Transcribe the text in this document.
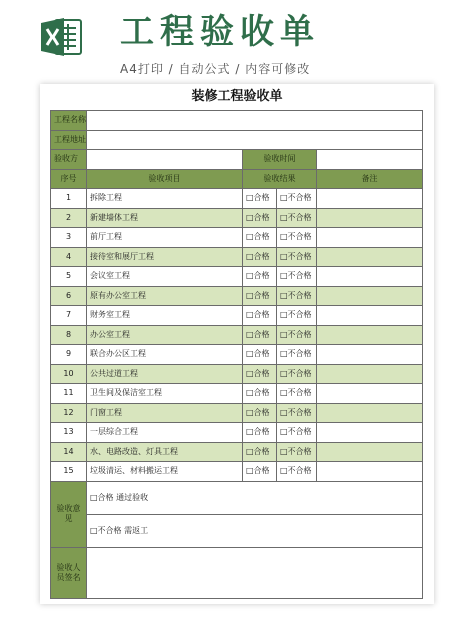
工程验收单
A4打印 / 自动公式 / 内容可修改
装修工程验收单
工程名称				
工程地址				
验收方		验收时间		
序号	验收项目	验收结果		备注
1	拆除工程	□合格	□不合格	
2	新建墙体工程	□合格	□不合格	
3	前厅工程	□合格	□不合格	
4	接待室和展厅工程	□合格	□不合格	
5	会议室工程	□合格	□不合格	
6	原有办公室工程	□合格	□不合格	
7	财务室工程	□合格	□不合格	
8	办公室工程	□合格	□不合格	
9	联合办公区工程	□合格	□不合格	
10	公共过道工程	□合格	□不合格	
11	卫生间及保洁室工程	□合格	□不合格	
12	门窗工程	□合格	□不合格	
13	一层综合工程	□合格	□不合格	
14	水、电路改造、灯具工程	□合格	□不合格	
15	垃圾清运、材料搬运工程	□合格	□不合格	
验收意见	□合格 通过验收			
	□不合格 需返工			
验收人员签名				
